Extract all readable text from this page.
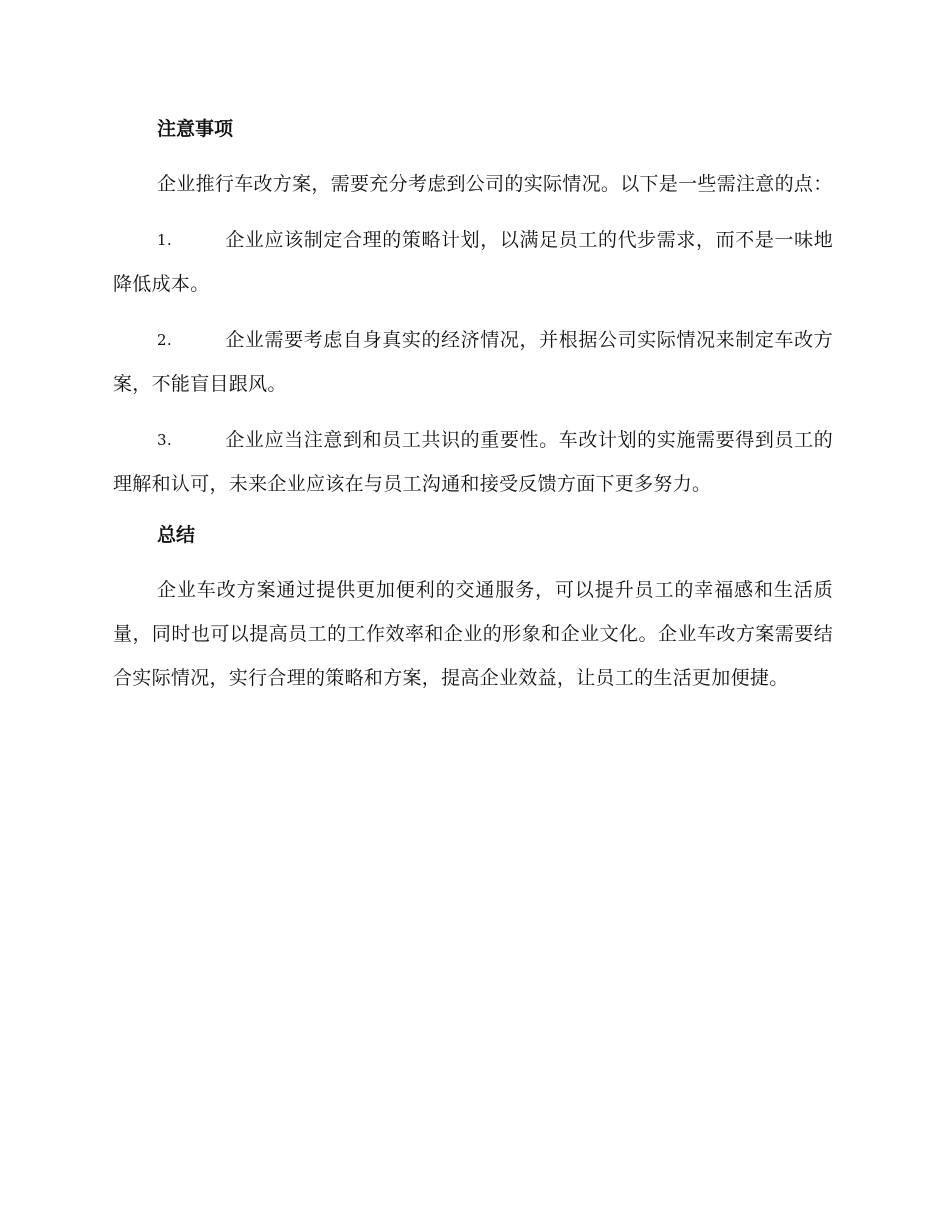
注意事项

企业推行车改方案，需要充分考虑到公司的实际情况。以下是一些需注意的点：

1.	企业应该制定合理的策略计划，以满足员工的代步需求，而不是一味地降低成本。

2.	企业需要考虑自身真实的经济情况，并根据公司实际情况来制定车改方案，不能盲目跟风。

3.	企业应当注意到和员工共识的重要性。车改计划的实施需要得到员工的理解和认可，未来企业应该在与员工沟通和接受反馈方面下更多努力。

总结

企业车改方案通过提供更加便利的交通服务，可以提升员工的幸福感和生活质量，同时也可以提高员工的工作效率和企业的形象和企业文化。企业车改方案需要结合实际情况，实行合理的策略和方案，提高企业效益，让员工的生活更加便捷。
